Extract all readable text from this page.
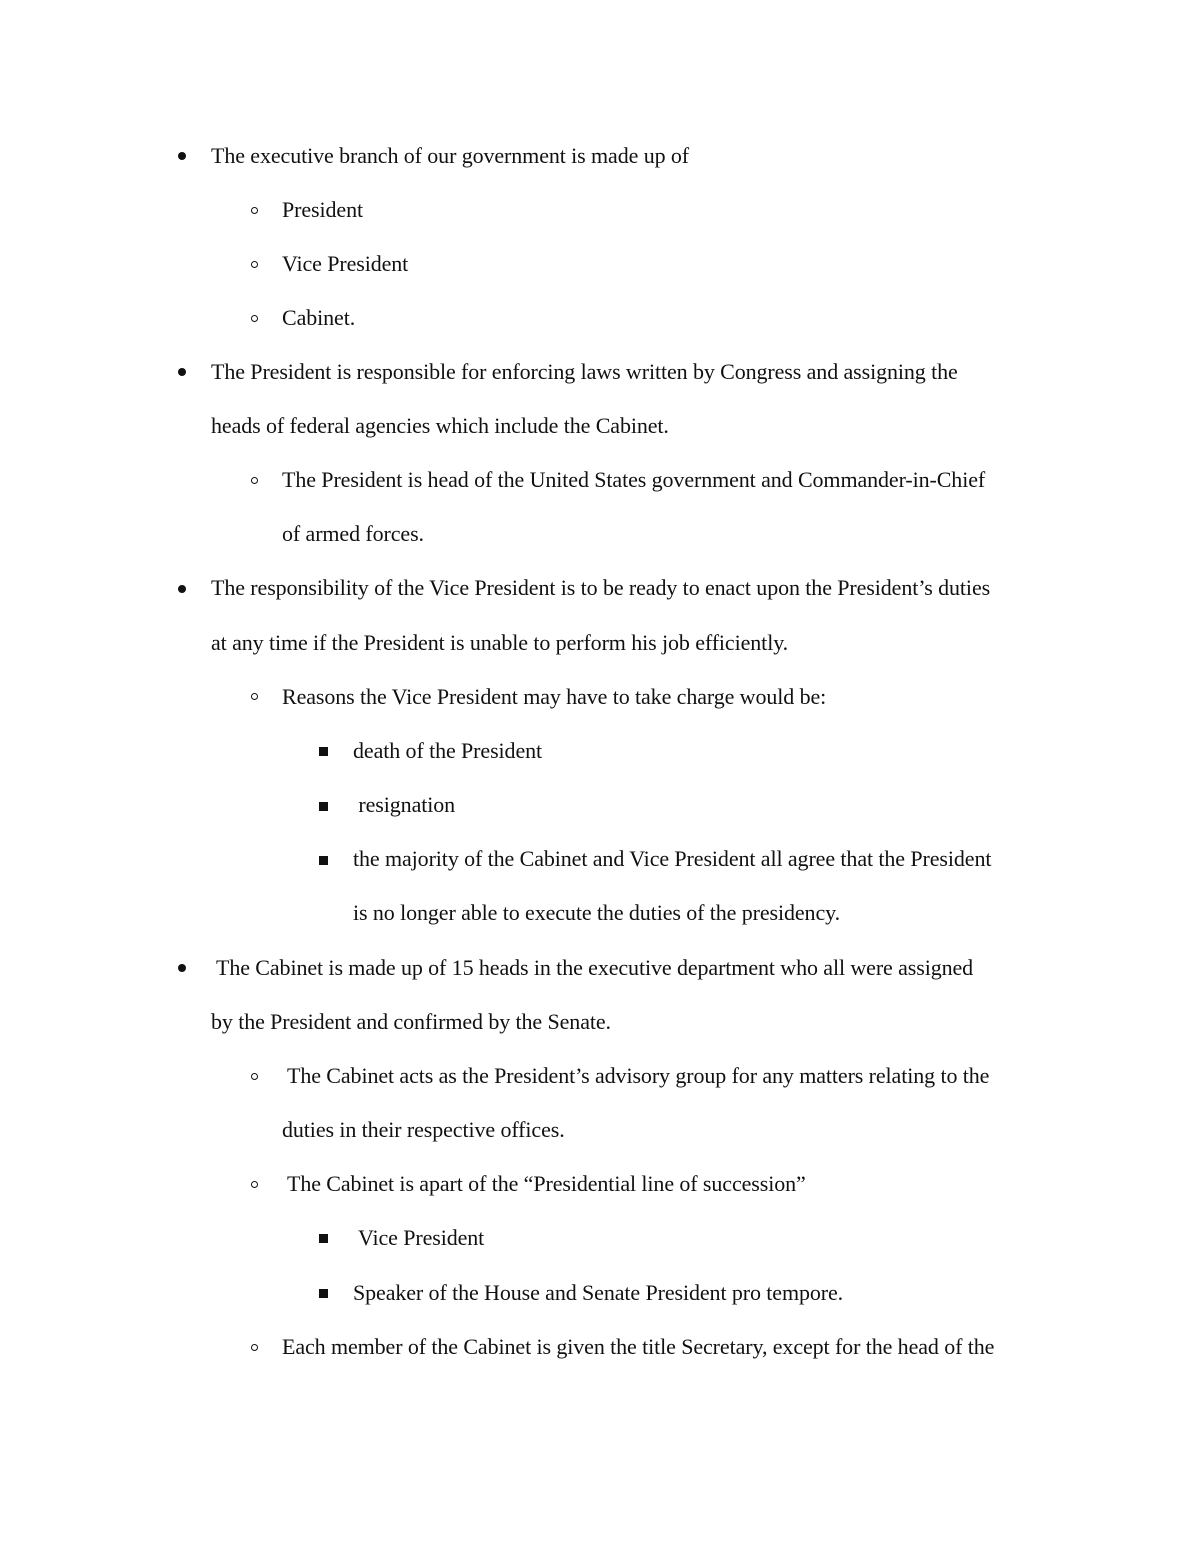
The executive branch of our government is made up of
President
Vice President
Cabinet.
The President is responsible for enforcing laws written by Congress and assigning the
heads of federal agencies which include the Cabinet.
The President is head of the United States government and Commander-in-Chief
of armed forces.
The responsibility of the Vice President is to be ready to enact upon the President’s duties
at any time if the President is unable to perform his job efficiently.
Reasons the Vice President may have to take charge would be:
death of the President
resignation
the majority of the Cabinet and Vice President all agree that the President
is no longer able to execute the duties of the presidency.
The Cabinet is made up of 15 heads in the executive department who all were assigned
by the President and confirmed by the Senate.
The Cabinet acts as the President’s advisory group for any matters relating to the
duties in their respective offices.
The Cabinet is apart of the “Presidential line of succession”
Vice President
Speaker of the House and Senate President pro tempore.
Each member of the Cabinet is given the title Secretary, except for the head of the
